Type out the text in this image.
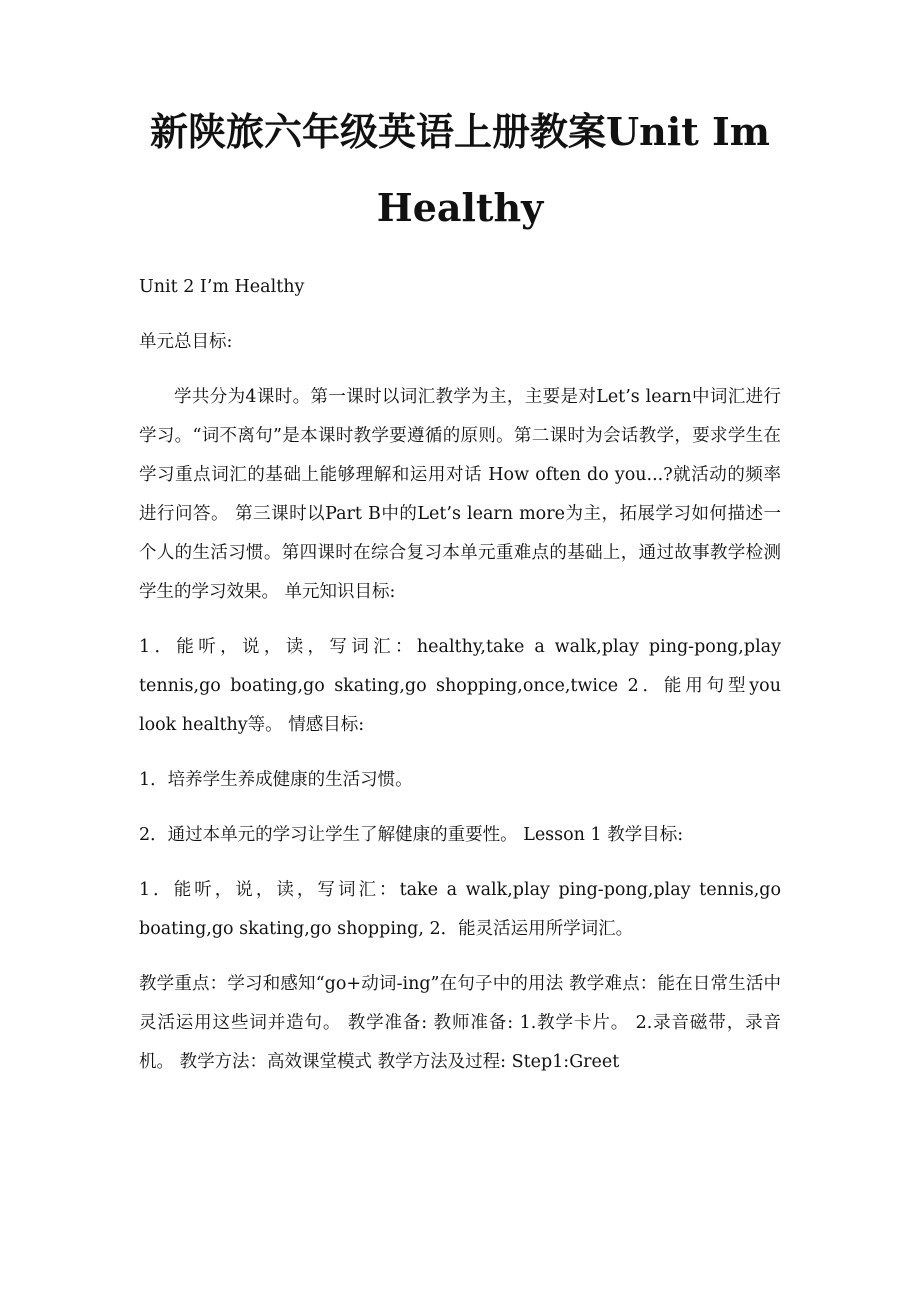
新陕旅六年级英语上册教案Unit Im
Healthy

Unit 2 I’m Healthy

单元总目标:

学共分为4课时。第一课时以词汇教学为主，主要是对Let’s learn中词汇进行学习。“词不离句”是本课时教学要遵循的原则。第二课时为会话教学，要求学生在学习重点词汇的基础上能够理解和运用对话 How often do you...?就活动的频率进行问答。 第三课时以Part B中的Let’s learn more为主，拓展学习如何描述一个人的生活习惯。第四课时在综合复习本单元重难点的基础上，通过故事教学检测学生的学习效果。 单元知识目标:

1．能听，说，读，写词汇：healthy,take a walk,play ping-pong,play tennis,go boating,go skating,go shopping,once,twice 2．能用句型you look healthy等。 情感目标:

1．培养学生养成健康的生活习惯。

2．通过本单元的学习让学生了解健康的重要性。 Lesson 1 教学目标:

1．能听，说，读，写词汇：take a walk,play ping-pong,play tennis,go boating,go skating,go shopping, 2．能灵活运用所学词汇。

教学重点：学习和感知“go+动词-ing”在句子中的用法 教学难点：能在日常生活中灵活运用这些词并造句。 教学准备: 教师准备: 1.教学卡片。 2.录音磁带，录音机。 教学方法：高效课堂模式 教学方法及过程: Step1:Greet
